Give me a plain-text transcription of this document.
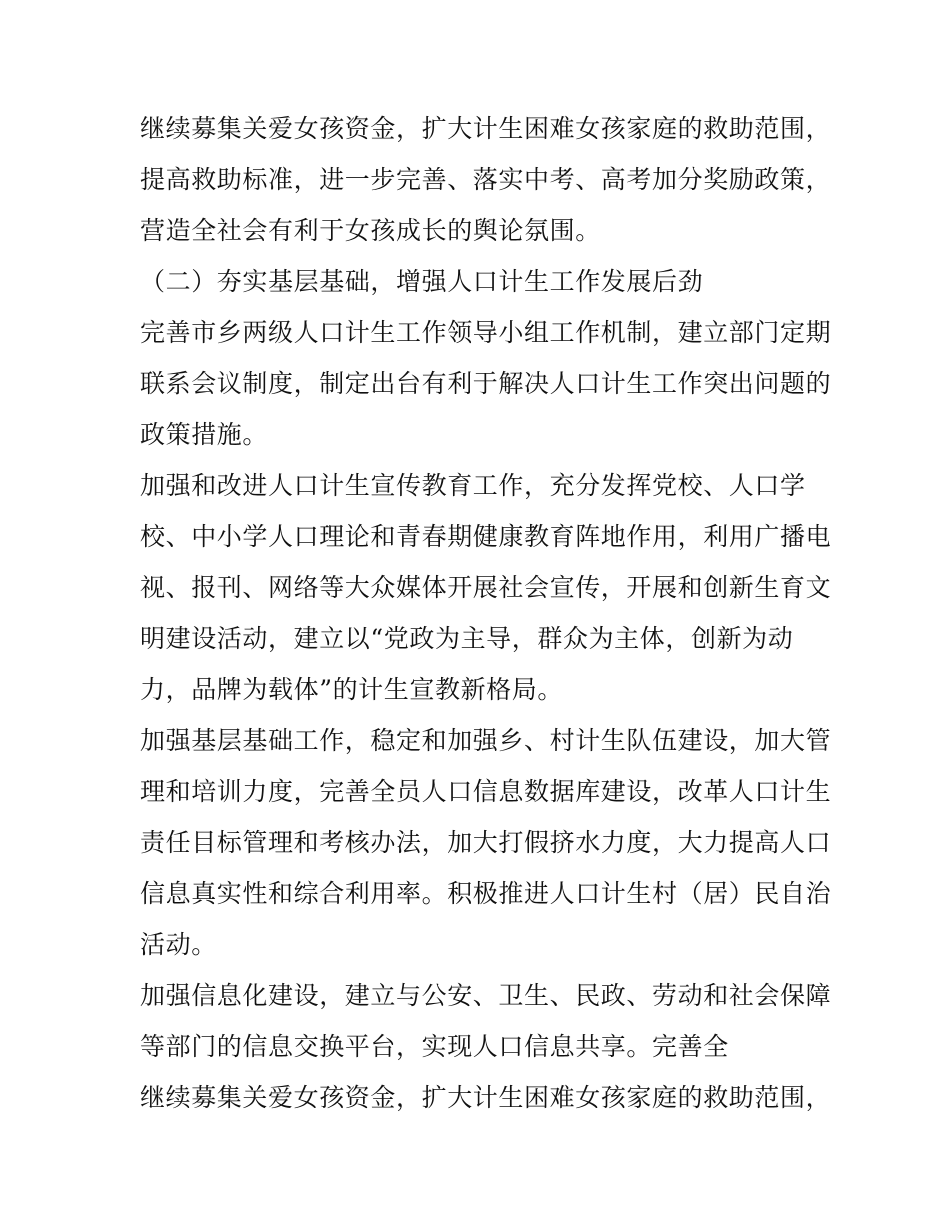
继续募集关爱女孩资金，扩大计生困难女孩家庭的救助范围，
提高救助标准，进一步完善、落实中考、高考加分奖励政策，
营造全社会有利于女孩成长的舆论氛围。
（二）夯实基层基础，增强人口计生工作发展后劲
完善市乡两级人口计生工作领导小组工作机制，建立部门定期
联系会议制度，制定出台有利于解决人口计生工作突出问题的
政策措施。
加强和改进人口计生宣传教育工作，充分发挥党校、人口学
校、中小学人口理论和青春期健康教育阵地作用，利用广播电
视、报刊、网络等大众媒体开展社会宣传，开展和创新生育文
明建设活动，建立以“党政为主导，群众为主体，创新为动
力，品牌为载体”的计生宣教新格局。
加强基层基础工作，稳定和加强乡、村计生队伍建设，加大管
理和培训力度，完善全员人口信息数据库建设，改革人口计生
责任目标管理和考核办法，加大打假挤水力度，大力提高人口
信息真实性和综合利用率。积极推进人口计生村（居）民自治
活动。
加强信息化建设，建立与公安、卫生、民政、劳动和社会保障
等部门的信息交换平台，实现人口信息共享。完善全
继续募集关爱女孩资金，扩大计生困难女孩家庭的救助范围，
